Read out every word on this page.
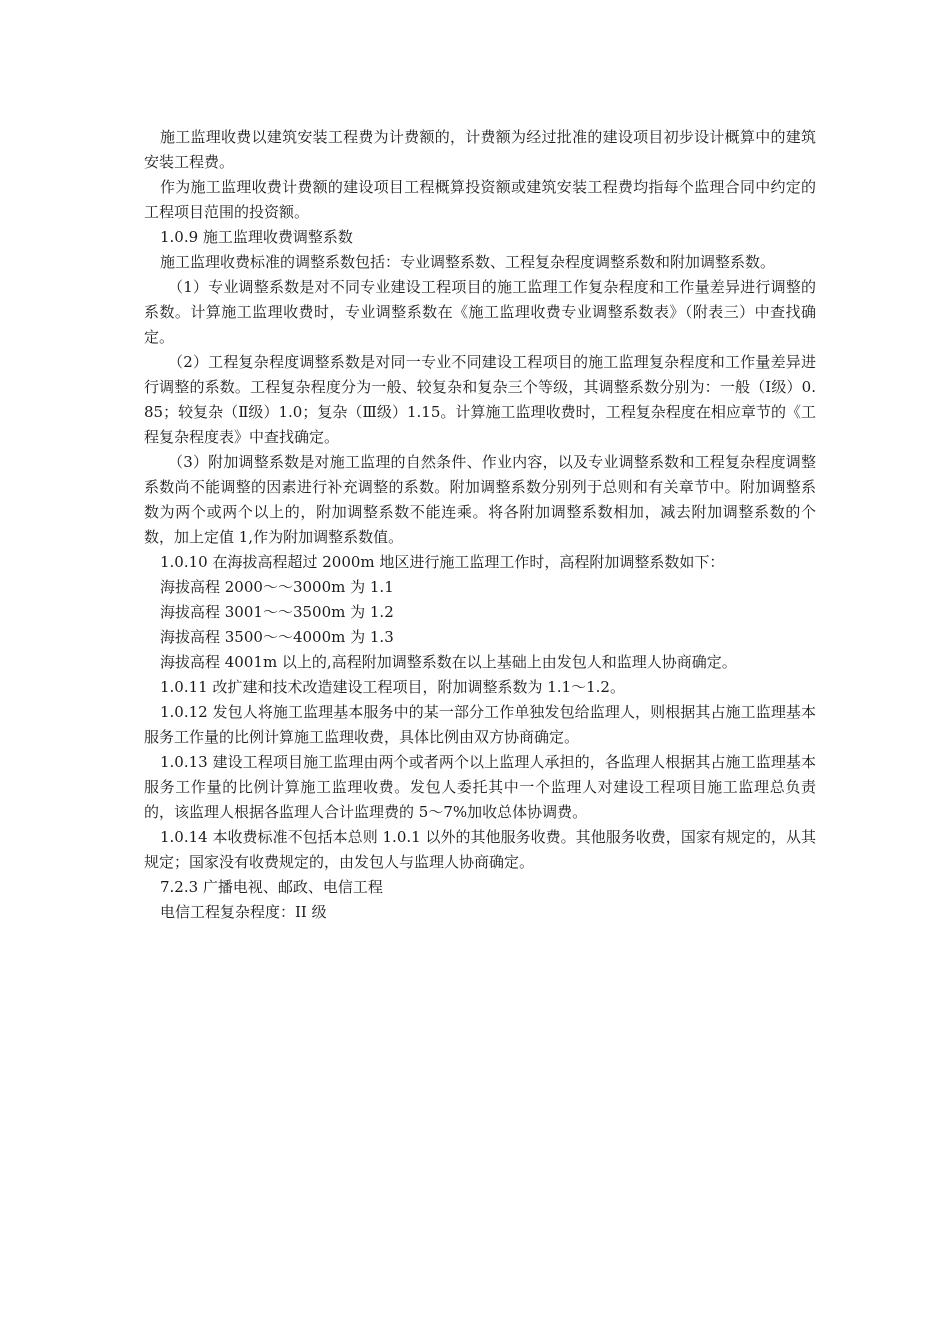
施工监理收费以建筑安装工程费为计费额的，计费额为经过批准的建设项目初步设计概算中的建筑安装工程费。

作为施工监理收费计费额的建设项目工程概算投资额或建筑安装工程费均指每个监理合同中约定的工程项目范围的投资额。

1.0.9 施工监理收费调整系数

施工监理收费标准的调整系数包括：专业调整系数、工程复杂程度调整系数和附加调整系数。

（1）专业调整系数是对不同专业建设工程项目的施工监理工作复杂程度和工作量差异进行调整的系数。计算施工监理收费时，专业调整系数在《施工监理收费专业调整系数表》（附表三）中查找确定。

（2）工程复杂程度调整系数是对同一专业不同建设工程项目的施工监理复杂程度和工作量差异进行调整的系数。工程复杂程度分为一般、较复杂和复杂三个等级，其调整系数分别为：一般（Ⅰ级）0.85；较复杂（Ⅱ级）1.0；复杂（Ⅲ级）1.15。计算施工监理收费时，工程复杂程度在相应章节的《工程复杂程度表》中查找确定。

（3）附加调整系数是对施工监理的自然条件、作业内容，以及专业调整系数和工程复杂程度调整系数尚不能调整的因素进行补充调整的系数。附加调整系数分别列于总则和有关章节中。附加调整系数为两个或两个以上的，附加调整系数不能连乘。将各附加调整系数相加，减去附加调整系数的个数，加上定值 1,作为附加调整系数值。

1.0.10 在海拔高程超过 2000m 地区进行施工监理工作时，高程附加调整系数如下：

海拔高程 2000～～3000m 为 1.1

海拔高程 3001～～3500m 为 1.2

海拔高程 3500～～4000m 为 1.3

海拔高程 4001m 以上的,高程附加调整系数在以上基础上由发包人和监理人协商确定。

1.0.11 改扩建和技术改造建设工程项目，附加调整系数为 1.1～1.2。

1.0.12 发包人将施工监理基本服务中的某一部分工作单独发包给监理人，则根据其占施工监理基本服务工作量的比例计算施工监理收费，具体比例由双方协商确定。

1.0.13 建设工程项目施工监理由两个或者两个以上监理人承担的，各监理人根据其占施工监理基本服务工作量的比例计算施工监理收费。发包人委托其中一个监理人对建设工程项目施工监理总负责的，该监理人根据各监理人合计监理费的 5～7%加收总体协调费。

1.0.14 本收费标准不包括本总则 1.0.1 以外的其他服务收费。其他服务收费，国家有规定的，从其规定；国家没有收费规定的，由发包人与监理人协商确定。

7.2.3 广播电视、邮政、电信工程

电信工程复杂程度：II 级
